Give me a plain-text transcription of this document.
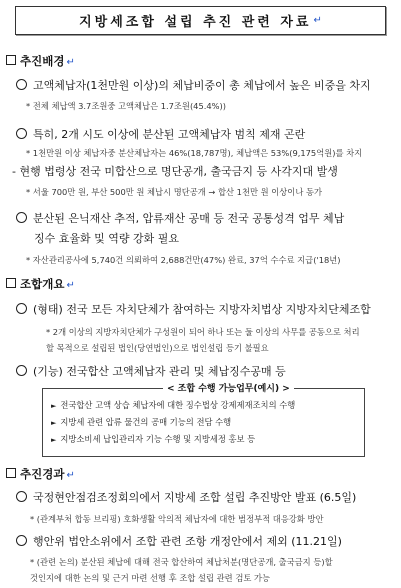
지방세조합 설립 추진 관련 자료 ↵
추진배경 ↵
고액체납자(1천만원 이상)의 체납비중이 총 체납에서 높은 비중을 차지
* 전체 체납액 3.7조원중 고액체납은 1.7조원(45.4%))
특히, 2개 시도 이상에 분산된 고액체납자 범칙 제재 곤란
* 1천만원 이상 체납자중 분산체납자는 46%(18,787명), 체납액은 53%(9,175억원)를 차지
- 현행 법령상 전국 미합산으로 명단공개, 출국금지 등 사각지대 발생
* 서울 700만 원, 부산 500만 원 체납시 명단공개 → 합산 1천만 원 이상이나 동가
분산된 은닉재산 추적, 압류재산 공매 등 전국 공통성격 업무 체납
징수 효율화 및 역량 강화 필요
* 자산관리공사에 5,740건 의뢰하여 2,688건만(47%) 완료, 37억 수수료 지급('18년)
조합개요 ↵
(형태) 전국 모든 자치단체가 참여하는 지방자치법상 지방자치단체조합
* 2개 이상의 지방자치단체가 구성원이 되어 하나 또는 둘 이상의 사무를 공동으로 처리할 목적으로 설립된 법인(당연법인)으로 법인설립 등기 불필요
(기능) 전국합산 고액체납자 관리 및 체납징수공매 등
< 조합 수행 가능업무(예시) >
► 전국합산 고액 상습 체납자에 대한 징수법상 강제제재조치의 수행
► 지방세 관련 압류 물건의 공매 기능의 전담 수행
► 지방소비세 납입관리자 기능 수행 및 지방세정 홍보 등
추진경과 ↵
국정현안점검조정회의에서 지방세 조합 설립 추진방안 발표 (6.5일)
* (관계부처 합동 브리핑) 호화생활 악의적 체납자에 대한 범정부적 대응강화 방안
행안위 법안소위에서 조합 관련 조항 개정안에서 제외 (11.21일)
* (관련 논의) 분산된 체납에 대해 전국 합산하여 체납처분(명단공개, 출국금지 등)할
것인지에 대한 논의 및 근거 마련 선행 후 조합 설립 관련 검토 가능
